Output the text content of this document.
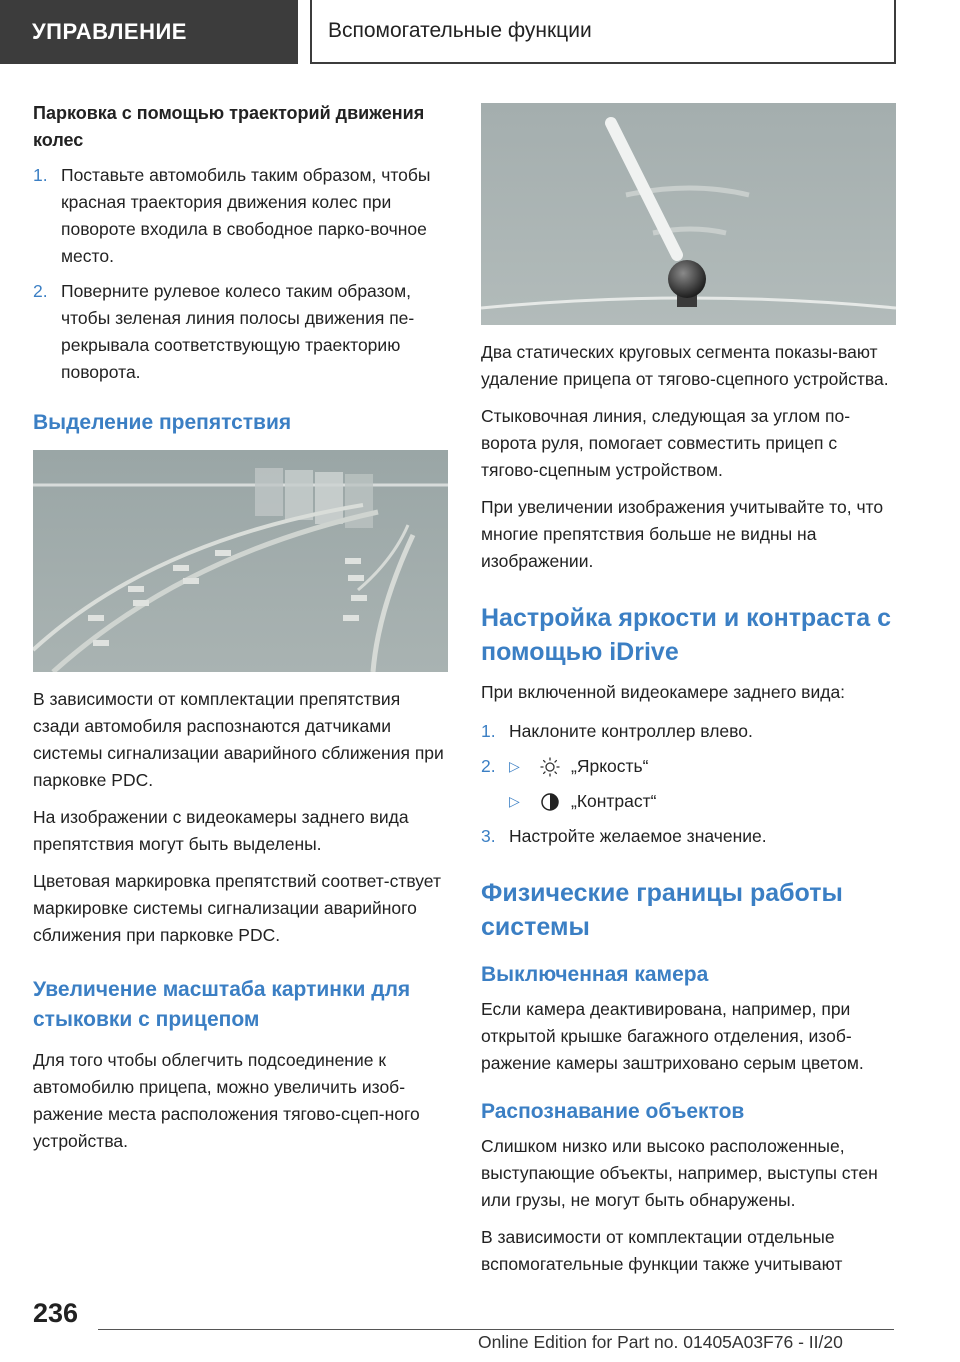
УПРАВЛЕНИЕ	Вспомогательные функции
Парковка с помощью траекторий движения колес
1. Поставьте автомобиль таким образом, чтобы красная траектория движения колес при повороте входила в свободное парко-вочное место.
2. Поверните рулевое колесо таким образом, чтобы зеленая линия полосы движения пе-рекрывала соответствующую траекторию поворота.
Выделение препятствия

В зависимости от комплектации препятствия сзади автомобиля распознаются датчиками системы сигнализации аварийного сближения при парковке PDC.

На изображении с видеокамеры заднего вида препятствия могут быть выделены.

Цветовая маркировка препятствий соответ-ствует маркировке системы сигнализации аварийного сближения при парковке PDC.

Увеличение масштаба картинки для стыковки с прицепом

Для того чтобы облегчить подсоединение к автомобилю прицепа, можно увеличить изоб-ражение места расположения тягово-сцеп-ного устройства.

Два статических круговых сегмента показы-вают удаление прицепа от тягово-сцепного устройства.

Стыковочная линия, следующая за углом по-ворота руля, помогает совместить прицеп с тягово-сцепным устройством.

При увеличении изображения учитывайте то, что многие препятствия больше не видны на изображении.

Настройка яркости и контраста с помощью iDrive

При включенной видеокамере заднего вида:

1. Наклоните контроллер влево.
2. ▷	„Яркость“
▷	„Контраст“
3. Настройте желаемое значение.
Физические границы работы системы
Выключенная камера

Если камера деактивирована, например, при открытой крышке багажного отделения, изоб-ражение камеры заштриховано серым цветом.

Распознавание объектов

Слишком низко или высоко расположенные, выступающие объекты, например, выступы стен или грузы, не могут быть обнаружены.

В зависимости от комплектации отдельные вспомогательные функции также учитывают

236
Online Edition for Part no. 01405A03F76 - II/20
